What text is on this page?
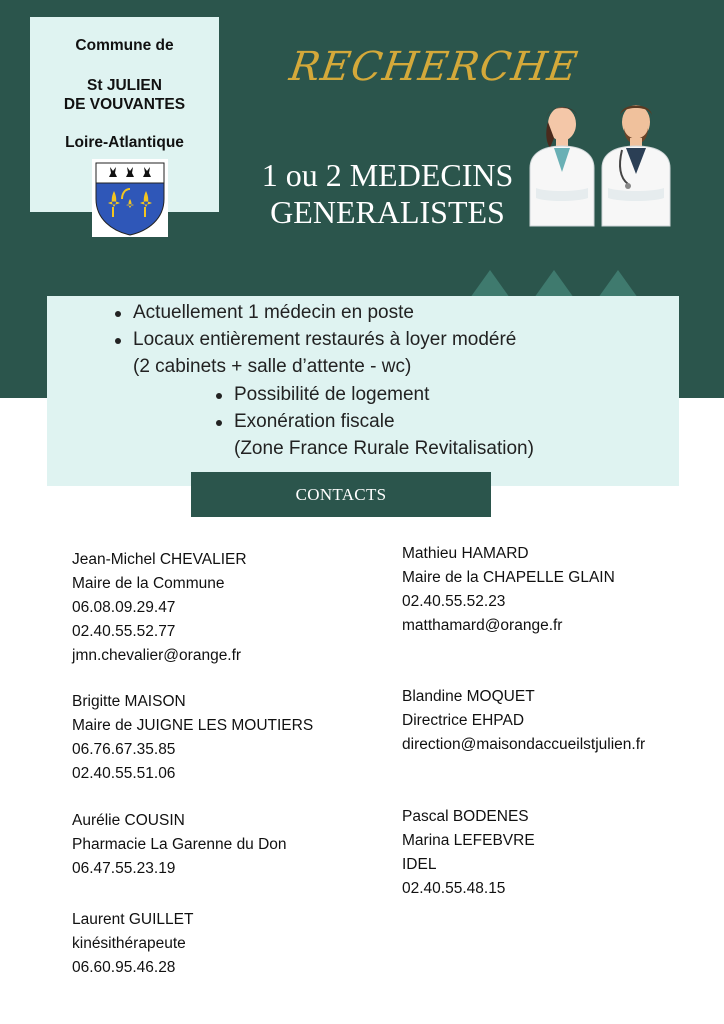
Commune de
St JULIEN
DE VOUVANTES
Loire-Atlantique
RECHERCHE
1 ou 2 MEDECINS
GENERALISTES
Actuellement 1 médecin en poste
Locaux entièrement restaurés à loyer modéré
(2 cabinets + salle d’attente - wc)
Possibilité de logement
Exonération fiscale
(Zone France Rurale Revitalisation)
CONTACTS
Jean-Michel CHEVALIER
Maire de la Commune
06.08.09.29.47
02.40.55.52.77
jmn.chevalier@orange.fr
Brigitte MAISON
Maire de JUIGNE LES MOUTIERS
06.76.67.35.85
02.40.55.51.06
Aurélie COUSIN
Pharmacie La Garenne du Don
06.47.55.23.19
Laurent GUILLET
kinésithérapeute
06.60.95.46.28
Mathieu HAMARD
Maire de la CHAPELLE GLAIN
02.40.55.52.23
matthamard@orange.fr
Blandine MOQUET
Directrice EHPAD
direction@maisondaccueilstjulien.fr
Pascal BODENES
Marina LEFEBVRE
IDEL
02.40.55.48.15
